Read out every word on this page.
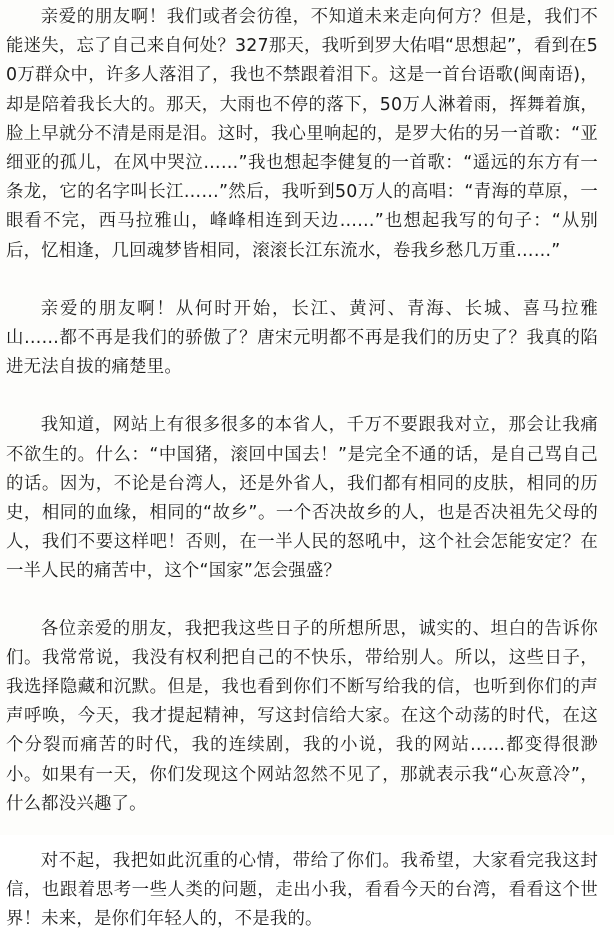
亲爱的朋友啊！我们或者会彷徨，不知道未来走向何方？但是，我们不能迷失，忘了自己来自何处？327那天，我听到罗大佑唱“思想起”，看到在50万群众中，许多人落泪了，我也不禁跟着泪下。这是一首台语歌(闽南语)，却是陪着我长大的。那天，大雨也不停的落下，50万人淋着雨，挥舞着旗，脸上早就分不清是雨是泪。这时，我心里响起的，是罗大佑的另一首歌：“亚细亚的孤儿，在风中哭泣……”我也想起李健复的一首歌：“遥远的东方有一条龙，它的名字叫长江……”然后，我听到50万人的高唱：“青海的草原，一眼看不完，西马拉雅山，峰峰相连到天边……”也想起我写的句子：“从别后，忆相逢，几回魂梦皆相同，滚滚长江东流水，卷我乡愁几万重……”

亲爱的朋友啊！从何时开始，长江、黄河、青海、长城、喜马拉雅山……都不再是我们的骄傲了？唐宋元明都不再是我们的历史了？我真的陷进无法自拔的痛楚里。

我知道，网站上有很多很多的本省人，千万不要跟我对立，那会让我痛不欲生的。什么：“中国猪，滚回中国去！”是完全不通的话，是自己骂自己的话。因为，不论是台湾人，还是外省人，我们都有相同的皮肤，相同的历史，相同的血缘，相同的“故乡”。一个否决故乡的人，也是否决祖先父母的人，我们不要这样吧！否则，在一半人民的怒吼中，这个社会怎能安定？在一半人民的痛苦中，这个“国家”怎会强盛？

各位亲爱的朋友，我把我这些日子的所想所思，诚实的、坦白的告诉你们。我常常说，我没有权利把自己的不快乐，带给别人。所以，这些日子，我选择隐藏和沉默。但是，我也看到你们不断写给我的信，也听到你们的声声呼唤，今天，我才提起精神，写这封信给大家。在这个动荡的时代，在这个分裂而痛苦的时代，我的连续剧，我的小说，我的网站……都变得很渺小。如果有一天，你们发现这个网站忽然不见了，那就表示我“心灰意冷”，什么都没兴趣了。

对不起，我把如此沉重的心情，带给了你们。我希望，大家看完我这封信，也跟着思考一些人类的问题，走出小我，看看今天的台湾，看看这个世界！未来，是你们年轻人的，不是我的。
